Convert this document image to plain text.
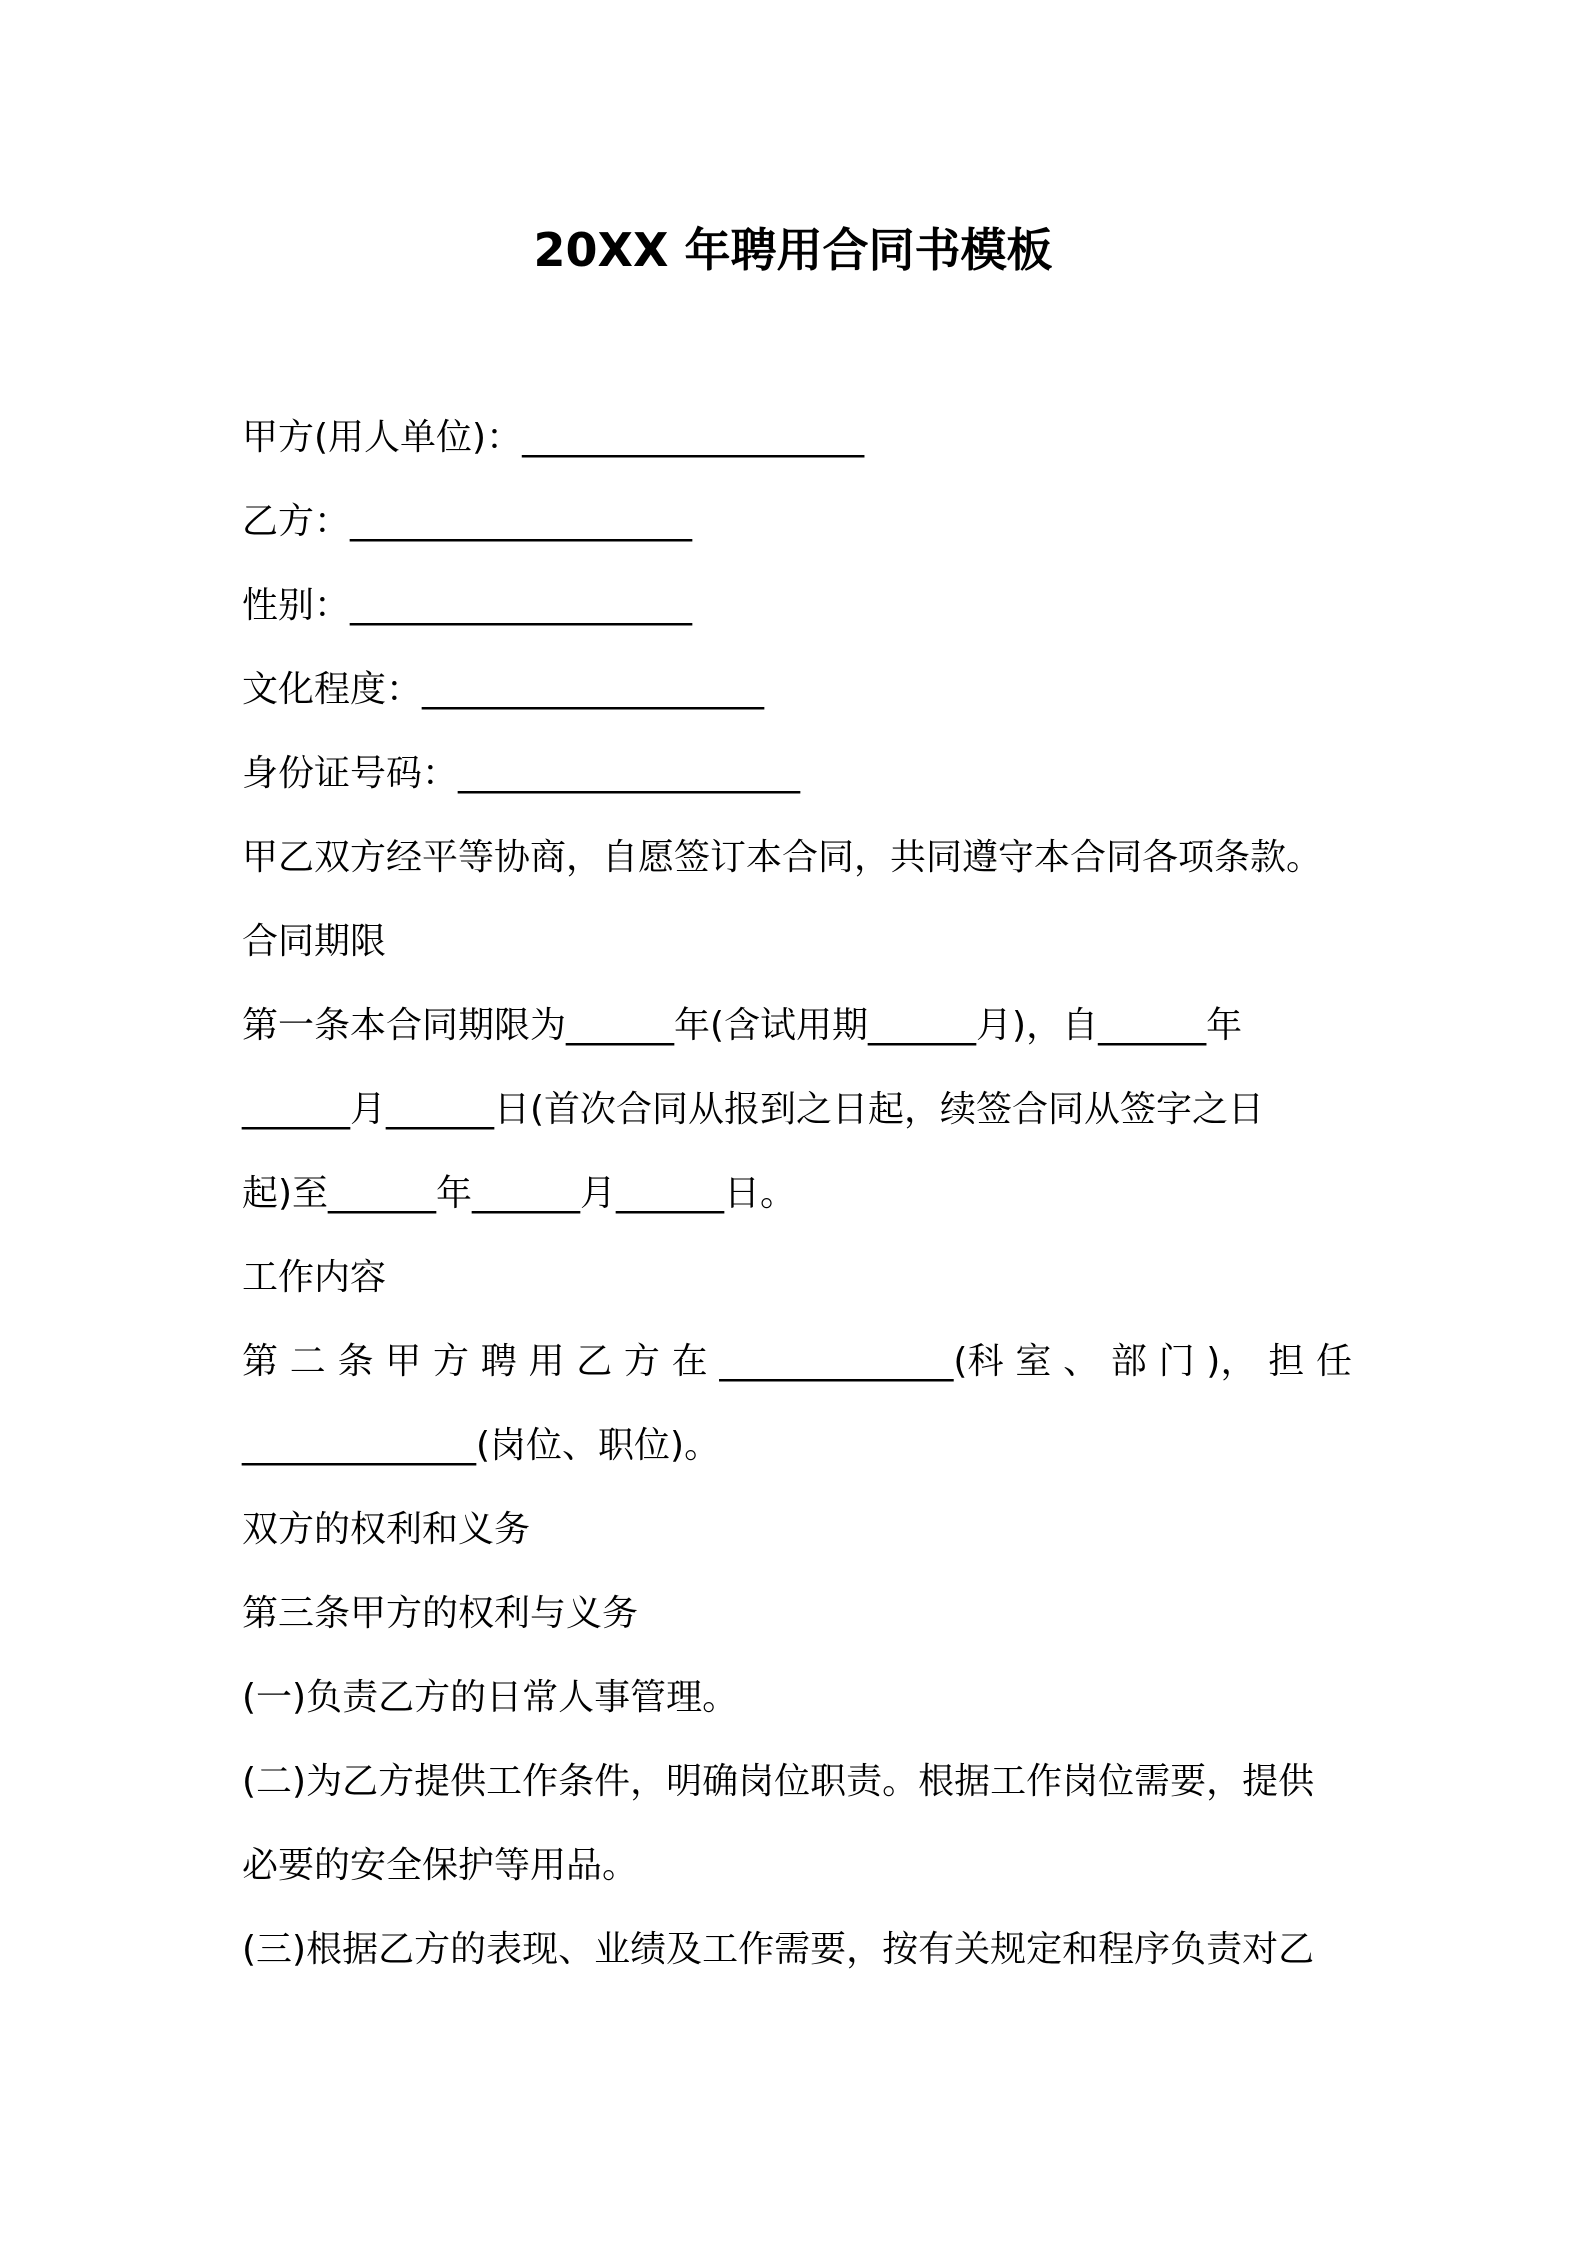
20XX 年聘用合同书模板

甲方(用人单位)：___________________

乙方：___________________

性别：___________________

文化程度：___________________

身份证号码：___________________

甲乙双方经平等协商，自愿签订本合同，共同遵守本合同各项条款。

合同期限

第一条本合同期限为______年(含试用期______月)，自______年

______月______日(首次合同从报到之日起，续签合同从签字之日

起)至______年______月______日。

工作内容

第 二 条 甲 方 聘 用 乙 方 在 _____________(科 室 、 部 门 )， 担 任

_____________(岗位、职位)。

双方的权利和义务

第三条甲方的权利与义务

(一)负责乙方的日常人事管理。

(二)为乙方提供工作条件，明确岗位职责。根据工作岗位需要，提供

必要的安全保护等用品。

(三)根据乙方的表现、业绩及工作需要，按有关规定和程序负责对乙
